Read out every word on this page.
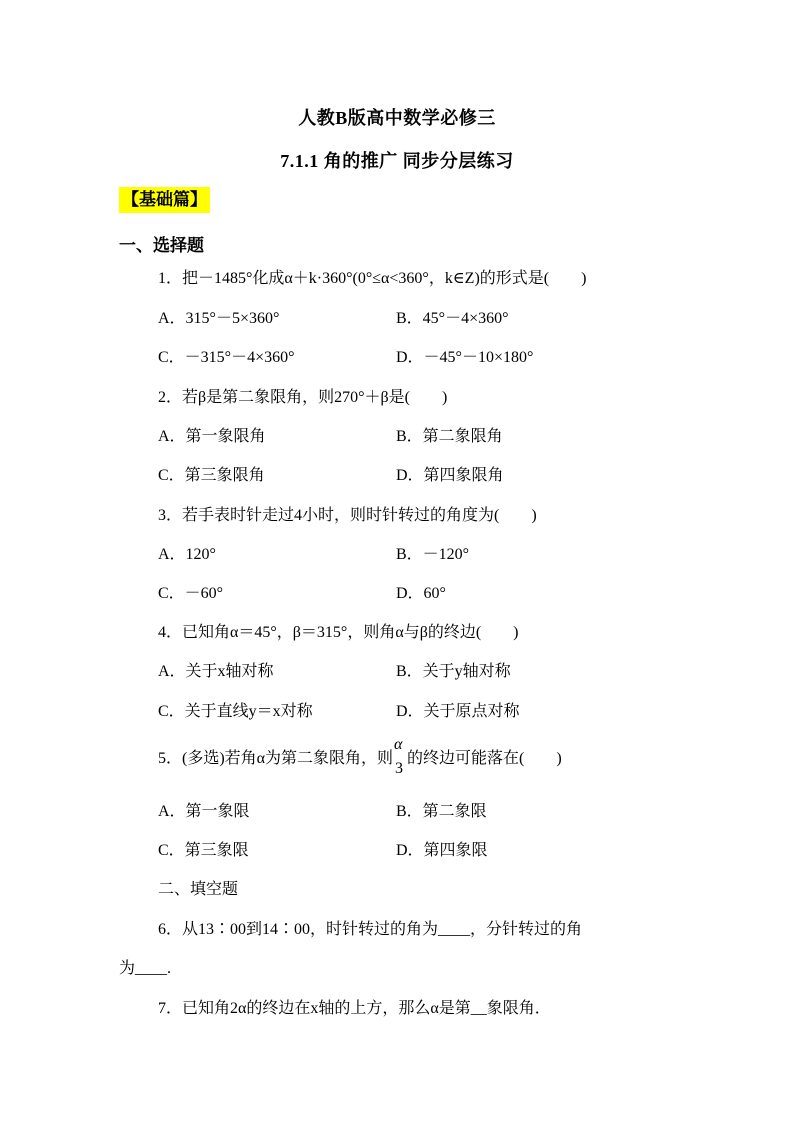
人教B版高中数学必修三
7.1.1 角的推广 同步分层练习
【基础篇】
一、选择题
1．把－1485°化成α＋k·360°(0°≤α<360°，k∈Z)的形式是(　　)
A．315°－5×360°	B．45°－4×360°
C．－315°－4×360°	D．－45°－10×180°
2．若β是第二象限角，则270°＋β是(　　)
A．第一象限角	B．第二象限角
C．第三象限角	D．第四象限角
3．若手表时针走过4小时，则时针转过的角度为(　　)
A．120°	B．－120°
C．－60°	D．60°
4．已知角α＝45°，β＝315°，则角α与β的终边(　　)
A．关于x轴对称	B．关于y轴对称
C．关于直线y＝x对称	D．关于原点对称
5．(多选)若角α为第二象限角，则
α
3
的终边可能落在(　　)
A．第一象限	B．第二象限
C．第三象限	D．第四象限
二、填空题
6．从13∶00到14∶00，时针转过的角为____，分针转过的角
为____.
7．已知角2α的终边在x轴的上方，那么α是第__象限角．
